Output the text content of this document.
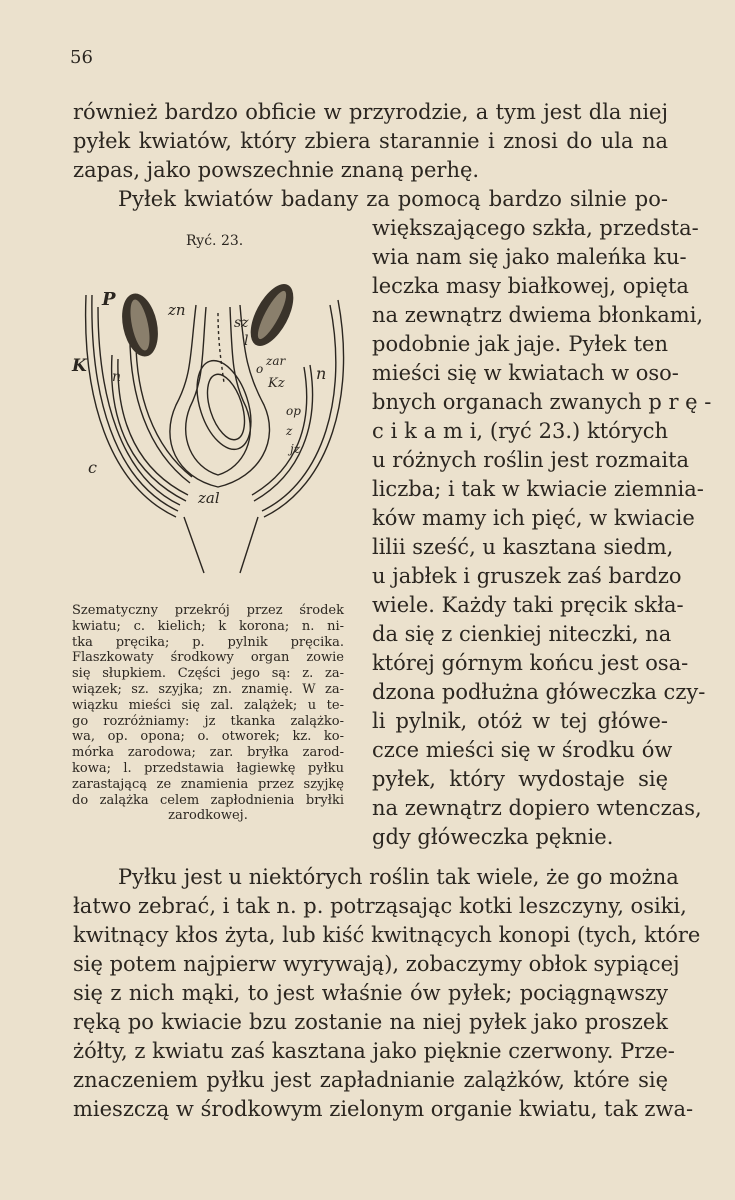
56
również bardzo obficie w przyrodzie, a tym jest dla niej
pyłek kwiatów, który zbiera starannie i znosi do ula na
zapas, jako powszechnie znaną perhę.
Pyłek kwiatów badany za pomocą bardzo silnie po-
większającego szkła, przedsta-
wia nam się jako maleńka ku-
leczka masy białkowej, opięta
na zewnątrz dwiema błonkami,
podobnie jak jaje. Pyłek ten
mieści się w kwiatach w oso-
bnych organach zwanych p r ę -
c i k a m i, (ryć 23.) których
u różnych roślin jest rozmaita
liczba; i tak w kwiacie ziemnia-
ków mamy ich pięć, w kwiacie
lilii sześć, u kasztana siedm,
u jabłek i gruszek zaś bardzo
wiele. Każdy taki pręcik skła-
da się z cienkiej niteczki, na
której górnym końcu jest osa-
dzona podłużna główeczka czy-
li pylnik, otóż w tej główe-
czce mieści się w środku ów
pyłek, który wydostaje się
na zewnątrz dopiero wtenczas,
gdy główeczka pęknie.
Ryć. 23.
P	zn
sz
l
zar
o
Kz
K
n	n
op
z
jz
c
zal
Szematyczny przekrój przez środek
kwiatu; c. kielich; k korona; n. ni-
tka pręcika; p. pylnik pręcika.
Flaszkowaty środkowy organ zowie
się słupkiem. Części jego są: z. za-
wiązek; sz. szyjka; zn. znamię. W za-
wiązku mieści się zal. zalążek; u te-
go rozróżniamy: jz tkanka zalążko-
wa, op. opona; o. otworek; kz. ko-
mórka zarodowa; zar. bryłka zarod-
kowa; l. przedstawia łagiewkę pyłku
zarastającą ze znamienia przez szyjkę
do zalążka celem zapłodnienia bryłki
zarodkowej.
Pyłku jest u niektórych roślin tak wiele, że go można
łatwo zebrać, i tak n. p. potrząsając kotki leszczyny, osiki,
kwitnący kłos żyta, lub kiść kwitnących konopi (tych, które
się potem najpierw wyrywają), zobaczymy obłok sypiącej
się z nich mąki, to jest właśnie ów pyłek; pociągnąwszy
ręką po kwiacie bzu zostanie na niej pyłek jako proszek
żółty, z kwiatu zaś kasztana jako pięknie czerwony. Prze-
znaczeniem pyłku jest zapładnianie zalążków, które się
mieszczą w środkowym zielonym organie kwiatu, tak zwa-
